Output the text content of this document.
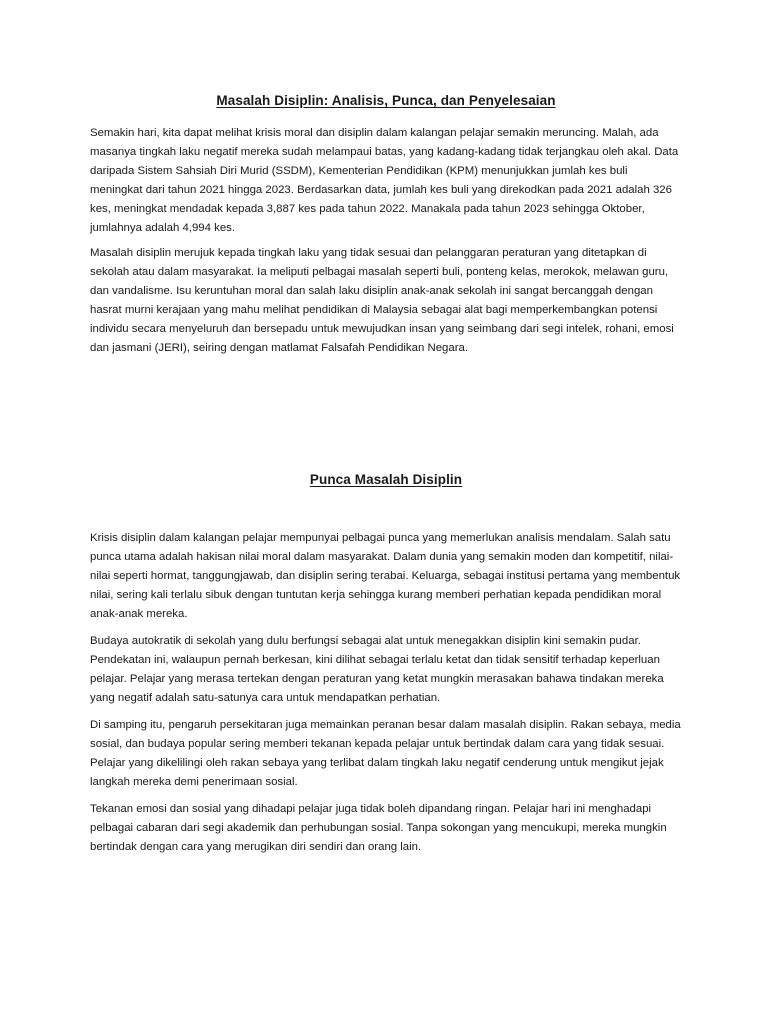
Masalah Disiplin: Analisis, Punca, dan Penyelesaian

Semakin hari, kita dapat melihat krisis moral dan disiplin dalam kalangan pelajar semakin meruncing. Malah, ada masanya tingkah laku negatif mereka sudah melampaui batas, yang kadang-kadang tidak terjangkau oleh akal. Data daripada Sistem Sahsiah Diri Murid (SSDM), Kementerian Pendidikan (KPM) menunjukkan jumlah kes buli meningkat dari tahun 2021 hingga 2023. Berdasarkan data, jumlah kes buli yang direkodkan pada 2021 adalah 326 kes, meningkat mendadak kepada 3,887 kes pada tahun 2022. Manakala pada tahun 2023 sehingga Oktober, jumlahnya adalah 4,994 kes.

Masalah disiplin merujuk kepada tingkah laku yang tidak sesuai dan pelanggaran peraturan yang ditetapkan di sekolah atau dalam masyarakat. Ia meliputi pelbagai masalah seperti buli, ponteng kelas, merokok, melawan guru, dan vandalisme. Isu keruntuhan moral dan salah laku disiplin anak-anak sekolah ini sangat bercanggah dengan hasrat murni kerajaan yang mahu melihat pendidikan di Malaysia sebagai alat bagi memperkembangkan potensi individu secara menyeluruh dan bersepadu untuk mewujudkan insan yang seimbang dari segi intelek, rohani, emosi dan jasmani (JERI), seiring dengan matlamat Falsafah Pendidikan Negara.

Punca Masalah Disiplin

Krisis disiplin dalam kalangan pelajar mempunyai pelbagai punca yang memerlukan analisis mendalam. Salah satu punca utama adalah hakisan nilai moral dalam masyarakat. Dalam dunia yang semakin moden dan kompetitif, nilai-nilai seperti hormat, tanggungjawab, dan disiplin sering terabai. Keluarga, sebagai institusi pertama yang membentuk nilai, sering kali terlalu sibuk dengan tuntutan kerja sehingga kurang memberi perhatian kepada pendidikan moral anak-anak mereka.

Budaya autokratik di sekolah yang dulu berfungsi sebagai alat untuk menegakkan disiplin kini semakin pudar. Pendekatan ini, walaupun pernah berkesan, kini dilihat sebagai terlalu ketat dan tidak sensitif terhadap keperluan pelajar. Pelajar yang merasa tertekan dengan peraturan yang ketat mungkin merasakan bahawa tindakan mereka yang negatif adalah satu-satunya cara untuk mendapatkan perhatian.

Di samping itu, pengaruh persekitaran juga memainkan peranan besar dalam masalah disiplin. Rakan sebaya, media sosial, dan budaya popular sering memberi tekanan kepada pelajar untuk bertindak dalam cara yang tidak sesuai. Pelajar yang dikelilingi oleh rakan sebaya yang terlibat dalam tingkah laku negatif cenderung untuk mengikut jejak langkah mereka demi penerimaan sosial.

Tekanan emosi dan sosial yang dihadapi pelajar juga tidak boleh dipandang ringan. Pelajar hari ini menghadapi pelbagai cabaran dari segi akademik dan perhubungan sosial. Tanpa sokongan yang mencukupi, mereka mungkin bertindak dengan cara yang merugikan diri sendiri dan orang lain.
